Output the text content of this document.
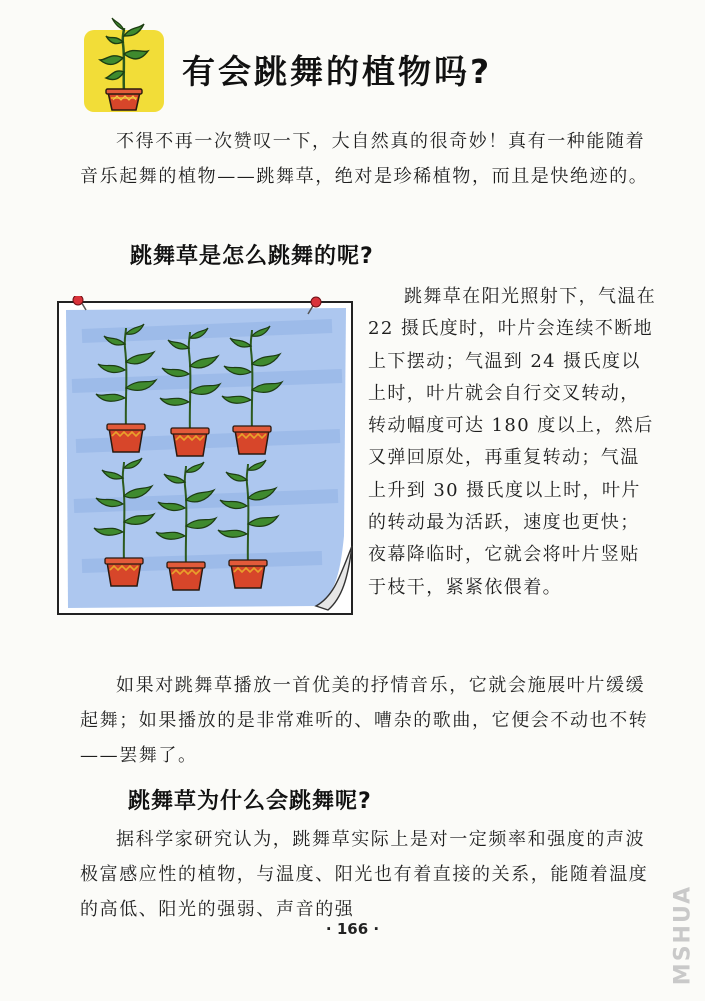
有会跳舞的植物吗?

不得不再一次赞叹一下，大自然真的很奇妙！真有一种能随着音乐起舞的植物——跳舞草，绝对是珍稀植物，而且是快绝迹的。

跳舞草是怎么跳舞的呢?

跳舞草在阳光照射下，气温在 22 摄氏度时，叶片会连续不断地上下摆动；气温到 24 摄氏度以上时，叶片就会自行交叉转动，转动幅度可达 180 度以上，然后又弹回原处，再重复转动；气温上升到 30 摄氏度以上时，叶片的转动最为活跃，速度也更快；夜幕降临时，它就会将叶片竖贴于枝干，紧紧依偎着。

如果对跳舞草播放一首优美的抒情音乐，它就会施展叶片缓缓起舞；如果播放的是非常难听的、嘈杂的歌曲，它便会不动也不转——罢舞了。

跳舞草为什么会跳舞呢?

据科学家研究认为，跳舞草实际上是对一定频率和强度的声波极富感应性的植物，与温度、阳光也有着直接的关系，能随着温度的高低、阳光的强弱、声音的强

· 166 ·	MSHUA
